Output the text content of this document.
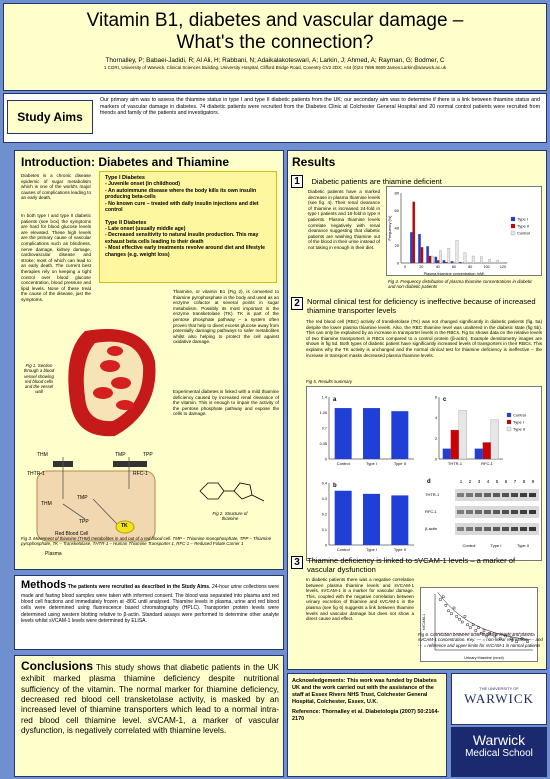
Vitamin B1, diabetes and vascular damage –
What's the connection?
Thornalley, P; Babaei-Jadidi, R; Al Ali, H; Rabbani, N; Adaikalakoteswari, A; Larkin, J; Ahmed, A; Rayman, G; Bodmer, C
1 CGRI, University of Warwick, Clinical Sciences Building, University Hospital, Clifford Bridge Road, Coventry CV2 2DX; +44 (0)24 7696 8609 James.Larkin@warwick.ac.uk
Study Aims
Our primary aim was to assess the thiamine status in type I and type II diabetic patients from the UK; our secondary aim was to determine if there is a link between thiamine status and markers of vascular damage in diabetes. 74 diabetic patients were recruited from the Diabetes Clinic at Colchester General Hospital and 20 normal control patients were recruited from friends and family of the patients and investigators.
Introduction: Diabetes and Thiamine
Diabetes is a chronic disease epidemic of sugar metabolism which is one of the world's major causes of complications leading to an early death.
In both type I and type II diabetic patients (see box) the symptoms are hard for blood glucose levels are elevated. These high levels are the primary cause of vascular complications such as blindness, nerve damage, kidney damage, cardiovascular disease and stroke; most of which can lead to an early death. The current best therapies rely on keeping a tight control over blood glucose concentration, blood pressure and lipid levels. None of these treat the cause of the disease, just the symptoms.
Type I Diabetes
- Juvenile onset (in childhood)
- An autoimmune disease where the body kills its own insulin producing beta-cells
- No known cure – treated with daily insulin injections and diet control
Type II Diabetes
- Late onset (usually middle age)
- Decreased sensitivity to natural insulin production. This may exhaust beta cells leading to their death
- Most effective early treatments revolve around diet and lifestyle changes (e.g. weight loss)
Fig 1. Section through a blood vessel showing red blood cells and the vessel wall
Thiamine, or vitamin B1 (Fig 2), is converted to thiamine pyrophosphate in the body and used as an enzyme cofactor at several points in sugar metabolism. Possibly its most important is the enzyme transketolase (TK). TK is part of the pentose phosphate pathway – a system often proven that help to divert excess glucose away from potentially damaging pathways to safer metabolites whilst also helping to protect the cell against oxidative damage.
Experimental diabetes is linked with a mild thiamine deficiency caused by increased renal clearance of the vitamin. This is enough to impair the activity of the pentose phosphate pathway and expose the cells to damage.
THM	TMP	TPP
THTR-1	RFC-1
THM
TMP
TPP
TK
Red Blood Cell
Plasma
Fig 2. Structure of thiamine
Fig 3. Movement of thiamine (THM) metabolites in and out of a red blood cell. TMP – Thiamine monophosphate, TPP – Thiamine pyrophosphate, TK – Transketolase, THTR-1 – Human Thiamine Transporter 1, RFC-1 – Reduced Folate Carrier 1
Methods The patients were recruited as described in the Study Aims. 24-hour urine collections were made and fasting blood samples were taken with informed consent. The blood was separated into plasma and red blood cell fractions and immediately frozen at -80C until analysed. Thiamine levels in plasma, urine and red blood cells were determined using fluorescence based chromatography (HPLC). Transporter protein levels were determined using western blotting relative to β-actin. Standard assays were performed to determine other analyte levels whilst sVCAM-1 levels were determined by ELISA.
Conclusions This study shows that diabetic patients in the UK exhibit marked plasma thiamine deficiency despite nutritional sufficiency of the vitamin. The normal marker for thiamine deficiency, decreased red blood cell transketolase activity, is masked by an increased level of thiamine transporters which lead to a normal intra-red blood cell thiamine level. sVCAM-1, a marker of vascular dysfunction, is negatively correlated with thiamine levels.
Results
1 Diabetic patients are thiamine deficient
Diabetic patients have a marked decrease in plasma thiamine levels (see fig. 4). Their renal clearance of thiamine is increased 24-fold in type I patients and 16-fold in type II patients. Plasma thiamine levels correlate negatively with renal clearance suggesting that diabetic patients are washing thiamine out of the blood in their urine instead of not taking in enough in their diet.
0
20
40
60
80
0	20	40	60	80	100	120
Plasma thiamine concentration (nM)
Frequency (%)	Type I
Type II
Control
Fig 4. Frequency distribution of plasma thiamine concentrations in diabetic and non-diabetic patients
2 Normal clinical test for deficiency is ineffective because of increased thiamine transporter levels
The red blood cell (RBC) activity of transketolase (TK) was not changed significantly in diabetic patients (fig. 5a) despite the lower plasma thiamine levels. Also, the RBC thiamine level was unaltered in the diabetic state (fig 5b). This can only be explained by an increase in transporter levels in the RBCs. Fig 5c shows data on the relative levels of two thiamine transporters in RBCs compared to a control protein (β-actin). Example densitometry images are shown in fig 5d. Both types of diabetic patient have significantly increased levels of transporters in their RBCs. This explains why the TK activity is unchanged and the normal clinical test for thiamine deficiency is ineffective – the increase in transport masks decreased plasma thiamine levels.
Fig 5. Results summary
a
0
0.35
0.7
1.05
1.4
Control	Type I	Type II
c
0
2
4
6
THTR-1	RFC-1
Control
Type I
Type II
b
0
0.1
0.2
0.3
0.4
Control	Type I	Type II
d	1 2 3 4 5 6 7 8 9
THTR-1
RFC-1
β-actin
Control	Type I	Type II
3 Thiamine deficiency is linked to sVCAM-1 levels – a marker of vascular dysfunction
In diabetic patients there was a negative correlation between plasma thiamine levels and sVCAM-1 levels. sVCAM-1 is a marker for vascular damage. This, coupled with the negative correlation between urinary excretion of thiamine and sVCAM-1 in the plasma (see fig 6) suggests a link between thiamine levels and vascular damage but does not show a direct cause and effect.
Urinary thiamine (nmol)
sVCAM-1
Fig 6. Correlation between urine thiamine levels and plasma sVCAM-1 concentration. Key: — = non-linear regression, --- and ··· = reference and upper limits for sVCAM-1 in normal patients
Acknowledgements: This work was funded by Diabetes UK and the work carried out with the assistance of the staff at Essex Rivers NHS Trust, Colchester General Hospital, Colchester, Essex, U.K.
Reference: Thornalley et al. Diabetologia (2007) 50:2164-2170
THE UNIVERSITY OF
WARWICK
Warwick
Medical School
